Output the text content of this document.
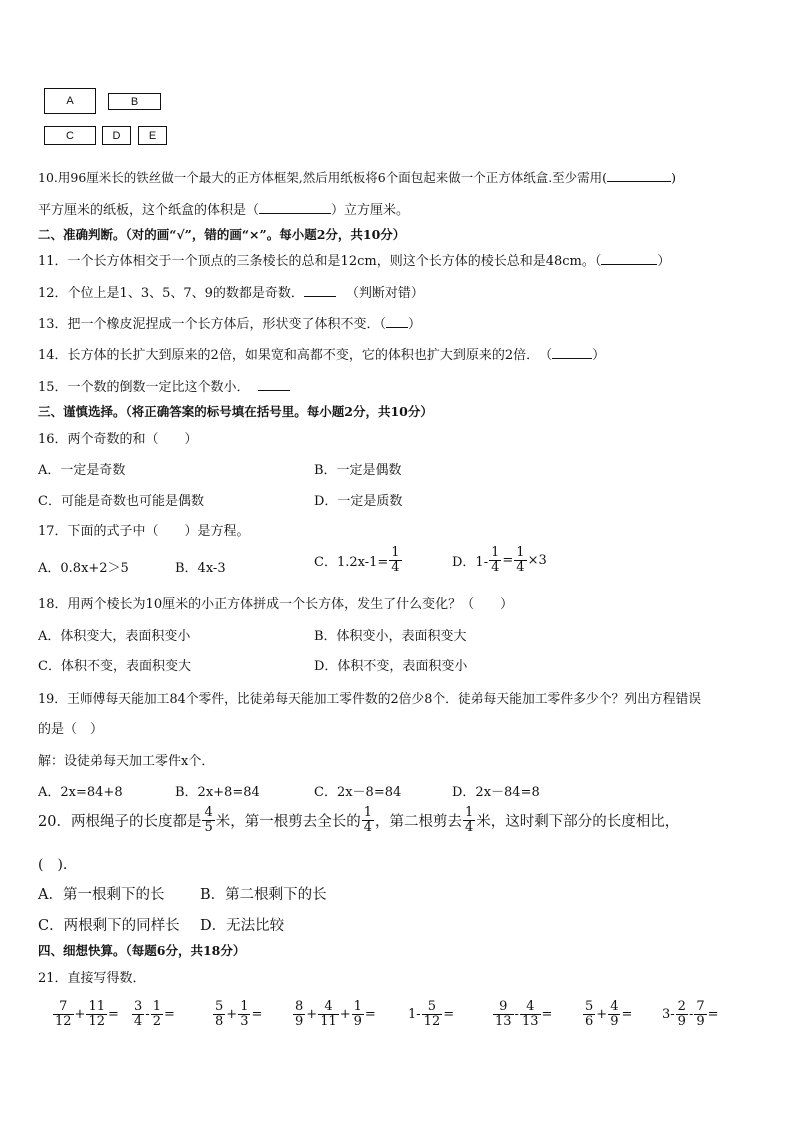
A	B
C	D	E
10.用96厘米长的铁丝做一个最大的正方体框架,然后用纸板将6个面包起来做一个正方体纸盒.至少需用(	)
平方厘米的纸板，这个纸盒的体积是（	）立方厘米。
二、准确判断。（对的画“√”，错的画“×”。每小题2分，共10分）
11．一个长方体相交于一个顶点的三条棱长的总和是12cm，则这个长方体的棱长总和是48cm。（	）
12．个位上是1、3、5、7、9的数都是奇数．	（判断对错）
13．把一个橡皮泥捏成一个长方体后，形状变了体积不变．（ ）
14．长方体的长扩大到原来的2倍，如果宽和高都不变，它的体积也扩大到原来的2倍．　（	）
15．一个数的倒数一定比这个数小．
三、谨慎选择。（将正确答案的标号填在括号里。每小题2分，共10分）
16．两个奇数的和（　　）
A．一定是奇数	B．一定是偶数
C．可能是奇数也可能是偶数	D．一定是质数
17．下面的式子中（　　）是方程。
A．0.8x+2＞5	B．4x-3	C．$1.2x-1= \frac{1}{4}$	D．$1- \frac{1}{4} = \frac{1}{4} \times 3$
18．用两个棱长为10厘米的小正方体拼成一个长方体，发生了什么变化？（　　）
A．体积变大，表面积变小	B．体积变小，表面积变大
C．体积不变，表面积变大	D．体积不变，表面积变小
19．王师傅每天能加工84个零件，比徒弟每天能加工零件数的2倍少8个．徒弟每天能加工零件多少个？列出方程错误
的是（　）
解：设徒弟每天加工零件x个．
A．2x=84+8	B．2x+8=84	C．2x－8=84	D．2x－84=8
20．两根绳子的长度都是 $\frac{4}{5}$ 米，第一根剪去全长的 $\frac{1}{4}$ ，第二根剪去 $\frac{1}{4}$ 米，这时剩下部分的长度相比，
(　).
A．第一根剩下的长 B．第二根剩下的长
C．两根剩下的同样长 D．无法比较
四、细想快算。（每题6分，共18分）
21．直接写得数．
$\frac{7}{12} + \frac{11}{12} = \frac{3}{4} - \frac{1}{2}$ =	$\frac{5}{8} + \frac{1}{3} = \frac{8}{9} + \frac{4}{11} + \frac{1}{9} = 1- \frac{5}{12}$ =	$\frac{9}{13} - \frac{4}{13} = \frac{5}{6} + \frac{4}{9} = 3- \frac{2}{9} - \frac{7}{9}$ =
